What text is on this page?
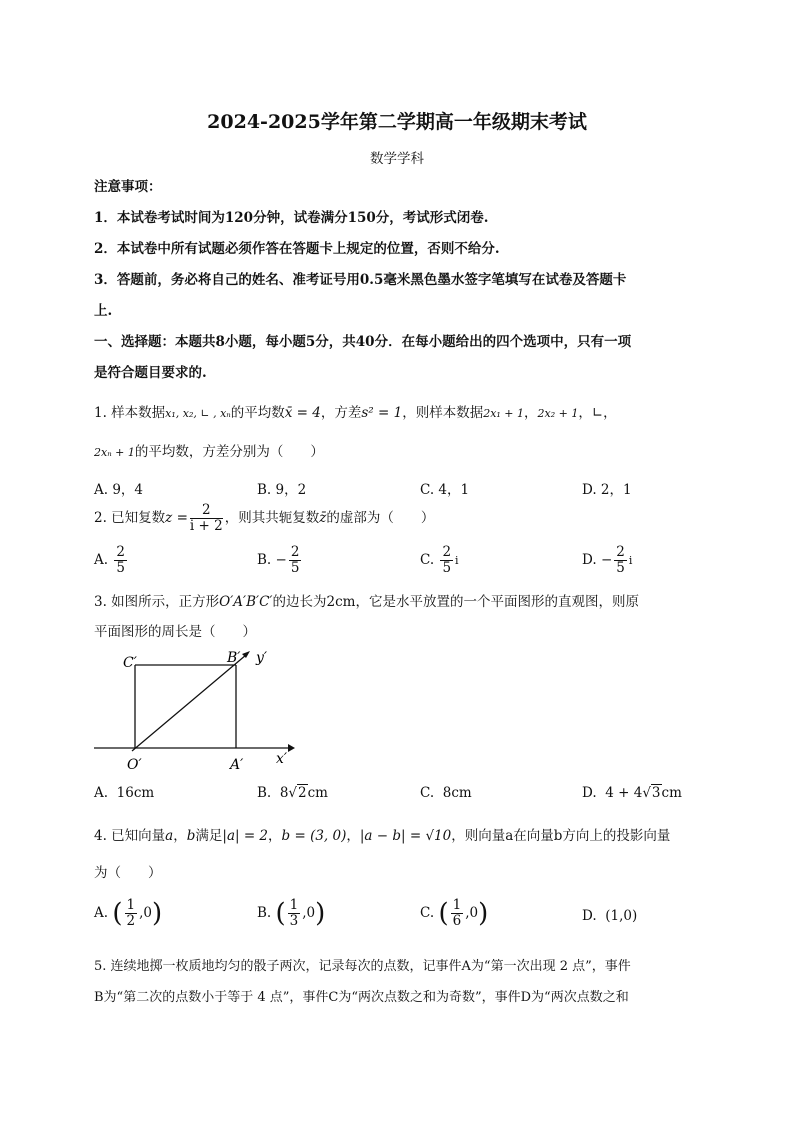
2024-2025学年第二学期高一年级期末考试
数学学科
注意事项：
1．本试卷考试时间为120分钟，试卷满分150分，考试形式闭卷.
2．本试卷中所有试题必须作答在答题卡上规定的位置，否则不给分.
3．答题前，务必将自己的姓名、准考证号用0.5毫米黑色墨水签字笔填写在试卷及答题卡
上.
一、选择题：本题共8小题，每小题5分，共40分．在每小题给出的四个选项中，只有一项
是符合题目要求的.
1. 样本数据x₁, x₂, ∟ , xₙ的平均数x̄ = 4，方差s² = 1，则样本数据2x₁ + 1，2x₂ + 1，∟，
2xₙ + 1的平均数，方差分别为（　　）
A. 9，4	B. 9，2	C. 4，1	D. 2，1
2. 已知复数$z = \frac{2}{i + 2}$ ，则其共轭复数z̄的虚部为（　　）
A. $\frac{2}{5}$	B. − $\frac{2}{5}$	C. $\frac{2}{5}$ i	D. − $\frac{2}{5}$ i
3. 如图所示，正方形O′A′B′C′的边长为2cm，它是水平放置的一个平面图形的直观图，则原
平面图形的周长是（　　）
C′	B′ y′
O′	A′ x′
A. 16cm	B. 8√2cm	C. 8cm	D. 4 + 4√3cm
4. 已知向量a，b满足|a| = 2，b = (3, 0)，|a − b| = √10，则向量a在向量b方向上的投影向量
为（　　）
A. ( $\frac{1}{2} ,0$)	B. ( $\frac{1}{3} ,0$)	C. ( $\frac{1}{6} ,0$)	D. (1,0)
5. 连续地掷一枚质地均匀的骰子两次，记录每次的点数，记事件A为“第一次出现 2 点”，事件
B为“第二次的点数小于等于 4 点”，事件C为“两次点数之和为奇数”，事件D为“两次点数之和
